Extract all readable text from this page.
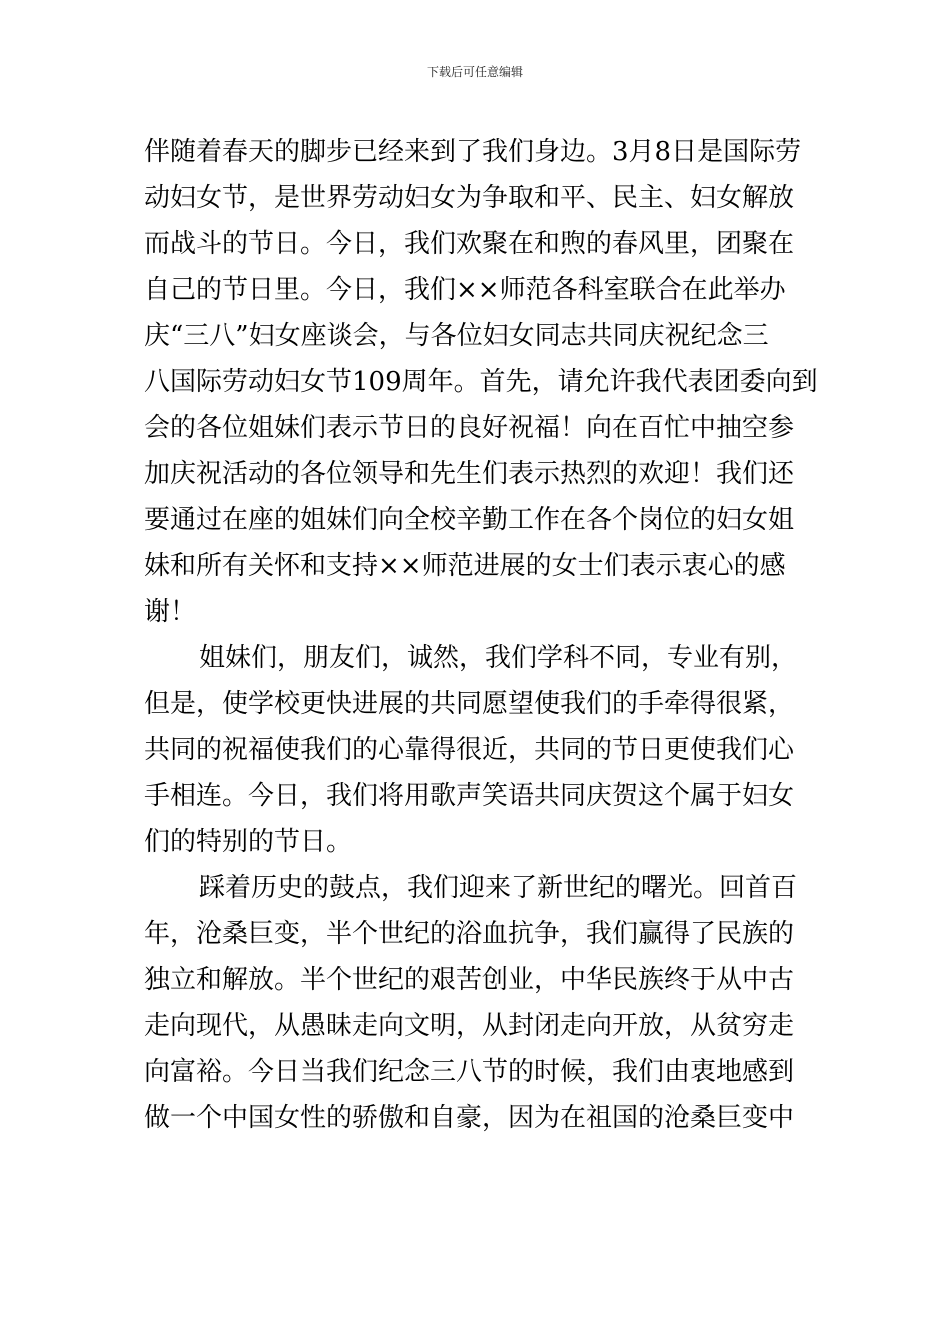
下载后可任意编辑
伴随着春天的脚步已经来到了我们身边。3月8日是国际劳
动妇女节，是世界劳动妇女为争取和平、民主、妇女解放
而战斗的节日。今日，我们欢聚在和煦的春风里，团聚在
自己的节日里。今日，我们××师范各科室联合在此举办
庆“三八”妇女座谈会，与各位妇女同志共同庆祝纪念三
八国际劳动妇女节109周年。首先，请允许我代表团委向到
会的各位姐妹们表示节日的良好祝福！向在百忙中抽空参
加庆祝活动的各位领导和先生们表示热烈的欢迎！我们还
要通过在座的姐妹们向全校辛勤工作在各个岗位的妇女姐
妹和所有关怀和支持××师范进展的女士们表示衷心的感
谢！
姐妹们，朋友们，诚然，我们学科不同，专业有别，
但是，使学校更快进展的共同愿望使我们的手牵得很紧，
共同的祝福使我们的心靠得很近，共同的节日更使我们心
手相连。今日，我们将用歌声笑语共同庆贺这个属于妇女
们的特别的节日。
踩着历史的鼓点，我们迎来了新世纪的曙光。回首百
年，沧桑巨变，半个世纪的浴血抗争，我们赢得了民族的
独立和解放。半个世纪的艰苦创业，中华民族终于从中古
走向现代，从愚昧走向文明，从封闭走向开放，从贫穷走
向富裕。今日当我们纪念三八节的时候，我们由衷地感到
做一个中国女性的骄傲和自豪，因为在祖国的沧桑巨变中
